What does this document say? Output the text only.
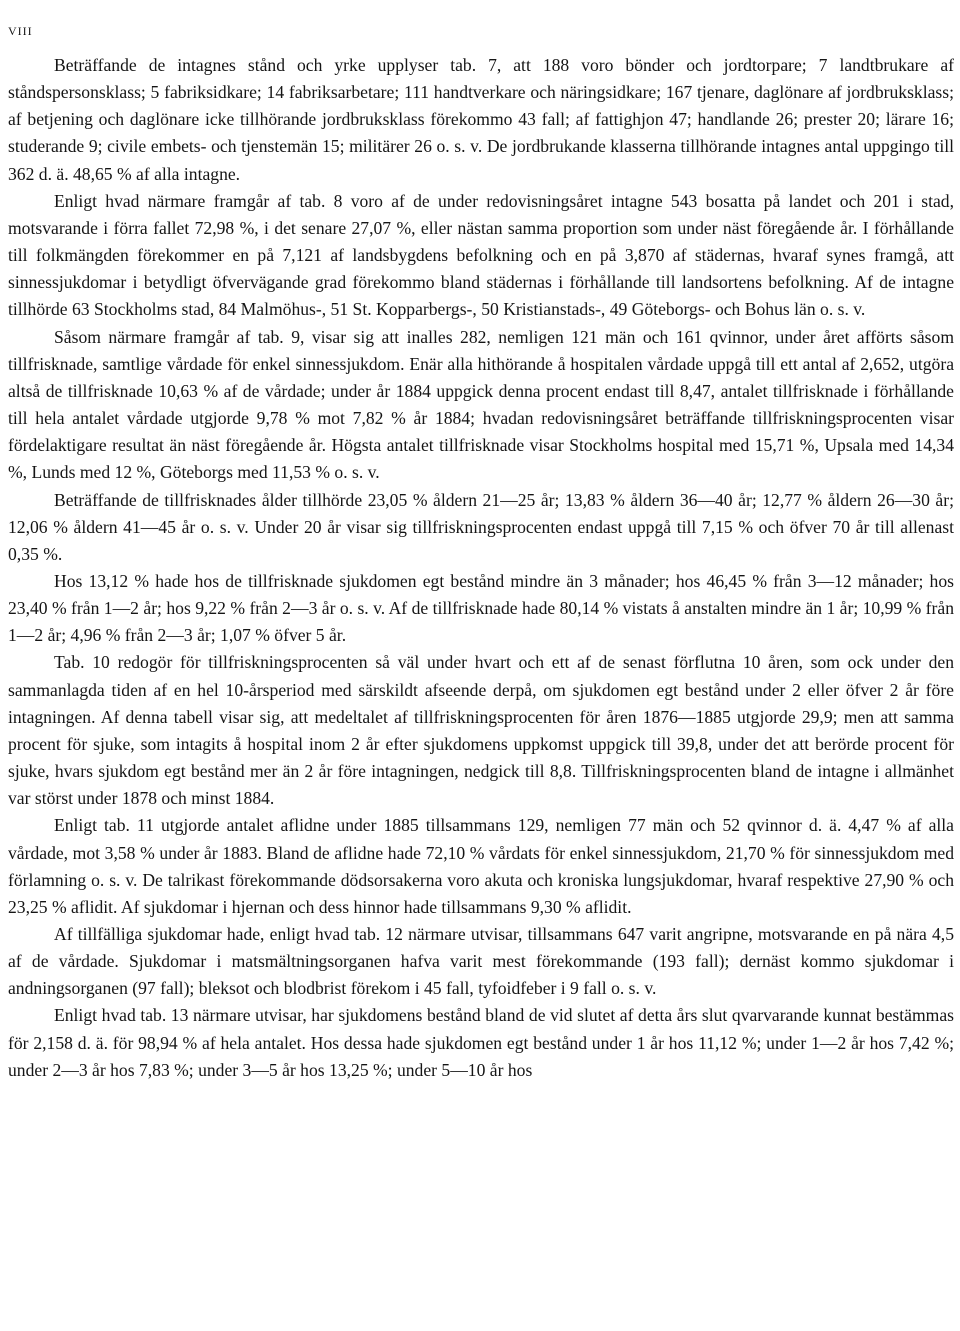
VIII

Beträffande de intagnes stånd och yrke upplyser tab. 7, att 188 voro bönder och jordtorpare; 7 landtbrukare af ståndspersonsklass; 5 fabriksidkare; 14 fabriksarbetare; 111 handtverkare och näringsidkare; 167 tjenare, daglönare af jordbruksklass; af betjening och daglönare icke tillhörande jordbruksklass förekommo 43 fall; af fattighjon 47; handlande 26; prester 20; lärare 16; studerande 9; civile embets- och tjenstemän 15; militärer 26 o. s. v. De jordbrukande klasserna tillhörande intagnes antal uppgingo till 362 d. ä. 48,65 % af alla intagne.

Enligt hvad närmare framgår af tab. 8 voro af de under redovisningsåret intagne 543 bosatta på landet och 201 i stad, motsvarande i förra fallet 72,98 %, i det senare 27,07 %, eller nästan samma proportion som under näst föregående år. I förhållande till folkmängden förekommer en på 7,121 af landsbygdens befolkning och en på 3,870 af städernas, hvaraf synes framgå, att sinnessjukdomar i betydligt öfvervägande grad förekommo bland städernas i förhållande till landsortens befolkning. Af de intagne tillhörde 63 Stockholms stad, 84 Malmöhus-, 51 St. Kopparbergs-, 50 Kristianstads-, 49 Göteborgs- och Bohus län o. s. v.

Såsom närmare framgår af tab. 9, visar sig att inalles 282, nemligen 121 män och 161 qvinnor, under året afförts såsom tillfrisknade, samtlige vårdade för enkel sinnessjukdom. Enär alla hithörande å hospitalen vårdade uppgå till ett antal af 2,652, utgöra altså de tillfrisknade 10,63 % af de vårdade; under år 1884 uppgick denna procent endast till 8,47, antalet tillfrisknade i förhållande till hela antalet vårdade utgjorde 9,78 % mot 7,82 % år 1884; hvadan redovisningsåret beträffande tillfriskningsprocenten visar fördelaktigare resultat än näst föregående år. Högsta antalet tillfrisknade visar Stockholms hospital med 15,71 %, Upsala med 14,34 %, Lunds med 12 %, Göteborgs med 11,53 % o. s. v.

Beträffande de tillfrisknades ålder tillhörde 23,05 % åldern 21—25 år; 13,83 % åldern 36—40 år; 12,77 % åldern 26—30 år; 12,06 % åldern 41—45 år o. s. v. Under 20 år visar sig tillfriskningsprocenten endast uppgå till 7,15 % och öfver 70 år till allenast 0,35 %.

Hos 13,12 % hade hos de tillfrisknade sjukdomen egt bestånd mindre än 3 månader; hos 46,45 % från 3—12 månader; hos 23,40 % från 1—2 år; hos 9,22 % från 2—3 år o. s. v. Af de tillfrisknade hade 80,14 % vistats å anstalten mindre än 1 år; 10,99 % från 1—2 år; 4,96 % från 2—3 år; 1,07 % öfver 5 år.

Tab. 10 redogör för tillfriskningsprocenten så väl under hvart och ett af de senast förflutna 10 åren, som ock under den sammanlagda tiden af en hel 10-årsperiod med särskildt afseende derpå, om sjukdomen egt bestånd under 2 eller öfver 2 år före intagningen. Af denna tabell visar sig, att medeltalet af tillfriskningsprocenten för åren 1876—1885 utgjorde 29,9; men att samma procent för sjuke, som intagits å hospital inom 2 år efter sjukdomens uppkomst uppgick till 39,8, under det att berörde procent för sjuke, hvars sjukdom egt bestånd mer än 2 år före intagningen, nedgick till 8,8. Tillfriskningsprocenten bland de intagne i allmänhet var störst under 1878 och minst 1884.

Enligt tab. 11 utgjorde antalet aflidne under 1885 tillsammans 129, nemligen 77 män och 52 qvinnor d. ä. 4,47 % af alla vårdade, mot 3,58 % under år 1883. Bland de aflidne hade 72,10 % vårdats för enkel sinnessjukdom, 21,70 % för sinnessjukdom med förlamning o. s. v. De talrikast förekommande dödsorsakerna voro akuta och kroniska lungsjukdomar, hvaraf respektive 27,90 % och 23,25 % aflidit. Af sjukdomar i hjernan och dess hinnor hade tillsammans 9,30 % aflidit.

Af tillfälliga sjukdomar hade, enligt hvad tab. 12 närmare utvisar, tillsammans 647 varit angripne, motsvarande en på nära 4,5 af de vårdade. Sjukdomar i matsmältningsorganen hafva varit mest förekommande (193 fall); dernäst kommo sjukdomar i andningsorganen (97 fall); bleksot och blodbrist förekom i 45 fall, tyfoidfeber i 9 fall o. s. v.

Enligt hvad tab. 13 närmare utvisar, har sjukdomens bestånd bland de vid slutet af detta års slut qvarvarande kunnat bestämmas för 2,158 d. ä. för 98,94 % af hela antalet. Hos dessa hade sjukdomen egt bestånd under 1 år hos 11,12 %; under 1—2 år hos 7,42 %; under 2—3 år hos 7,83 %; under 3—5 år hos 13,25 %; under 5—10 år hos
